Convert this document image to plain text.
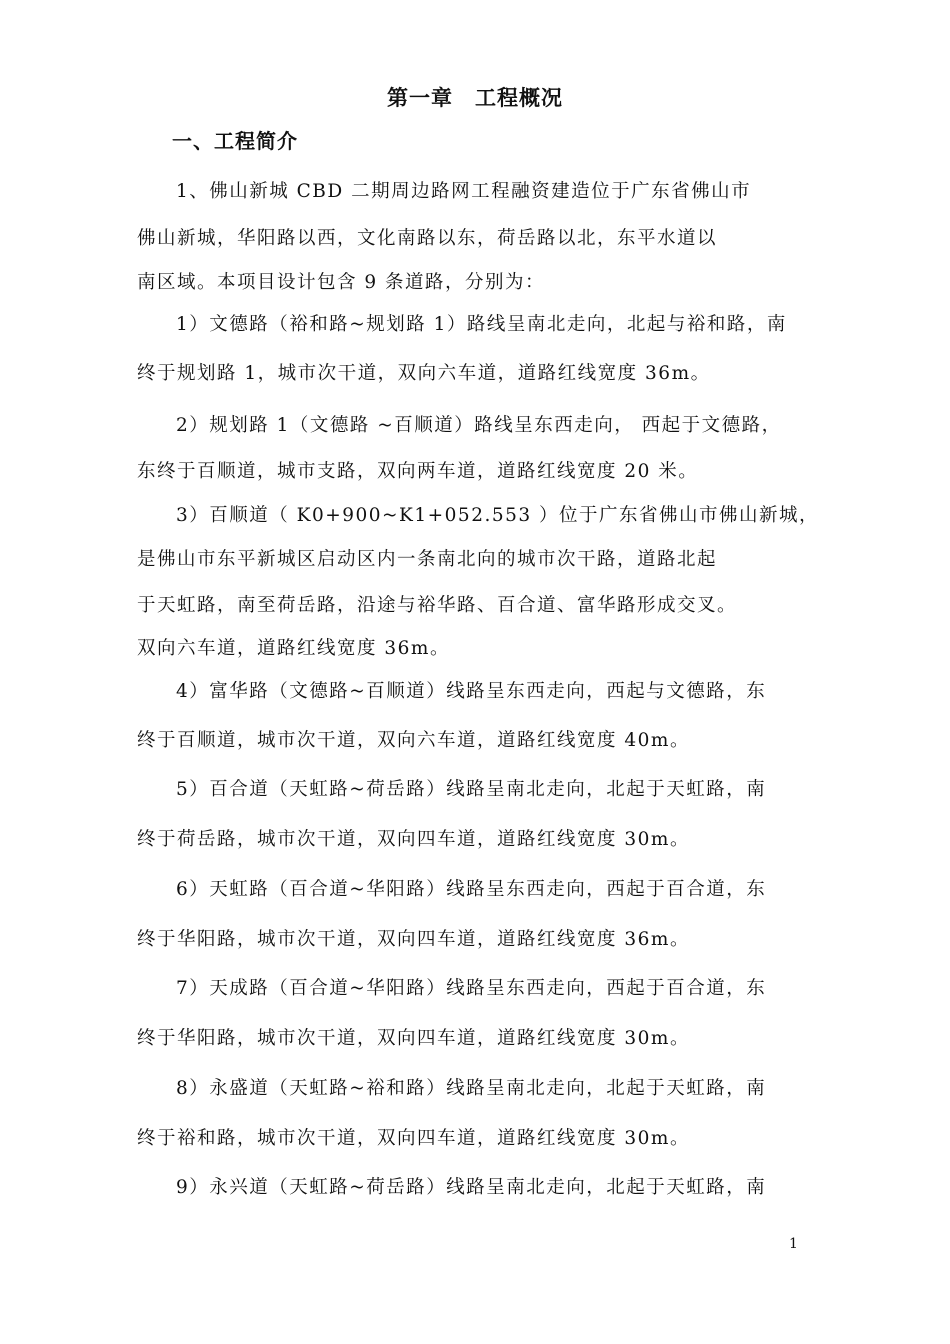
第一章 工程概况
一、工程简介
1、佛山新城 CBD 二期周边路网工程融资建造位于广东省佛山市
佛山新城，华阳路以西，文化南路以东，荷岳路以北，东平水道以
南区域。本项目设计包含 9 条道路，分别为：
1）文德路（裕和路~规划路 1）路线呈南北走向，北起与裕和路，南
终于规划路 1，城市次干道，双向六车道，道路红线宽度 36m。
2）规划路 1（文德路 ~百顺道）路线呈东西走向， 西起于文德路，
东终于百顺道，城市支路，双向两车道，道路红线宽度 20 米。
3）百顺道（ K0+900~K1+052.553 ）位于广东省佛山市佛山新城，
是佛山市东平新城区启动区内一条南北向的城市次干路，道路北起
于天虹路，南至荷岳路，沿途与裕华路、百合道、富华路形成交叉。
双向六车道，道路红线宽度 36m。
4）富华路（文德路~百顺道）线路呈东西走向，西起与文德路，东
终于百顺道，城市次干道，双向六车道，道路红线宽度 40m。
5）百合道（天虹路~荷岳路）线路呈南北走向，北起于天虹路，南
终于荷岳路，城市次干道，双向四车道，道路红线宽度 30m。
6）天虹路（百合道~华阳路）线路呈东西走向，西起于百合道，东
终于华阳路，城市次干道，双向四车道，道路红线宽度 36m。
7）天成路（百合道~华阳路）线路呈东西走向，西起于百合道，东
终于华阳路，城市次干道，双向四车道，道路红线宽度 30m。
8）永盛道（天虹路~裕和路）线路呈南北走向，北起于天虹路，南
终于裕和路，城市次干道，双向四车道，道路红线宽度 30m。
9）永兴道（天虹路~荷岳路）线路呈南北走向，北起于天虹路，南
1
